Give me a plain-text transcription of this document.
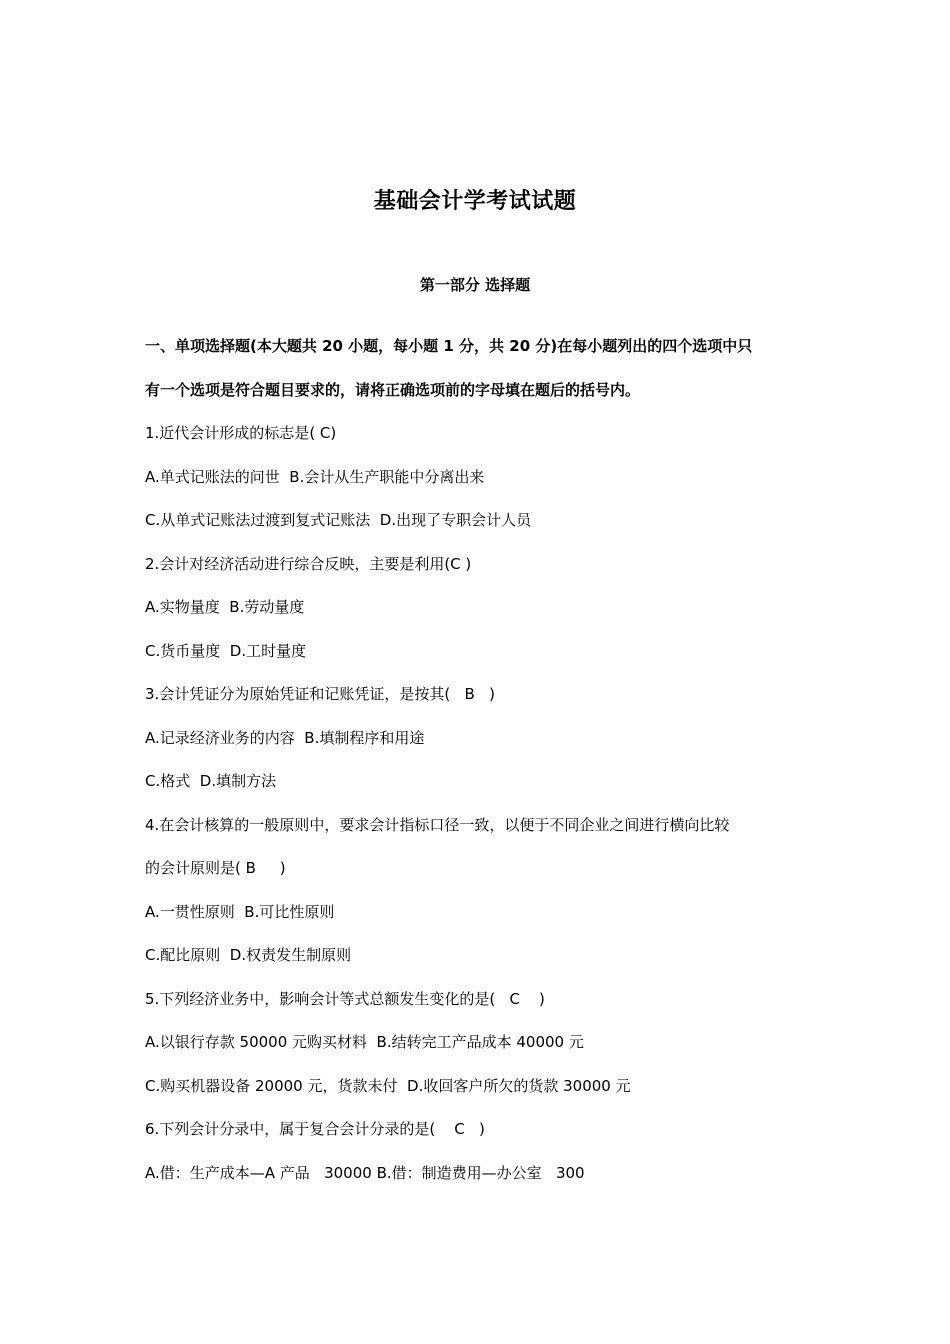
基础会计学考试试题
第一部分 选择题
一、单项选择题(本大题共 20 小题，每小题 1 分，共 20 分)在每小题列出的四个选项中只
有一个选项是符合题目要求的，请将正确选项前的字母填在题后的括号内。
1.近代会计形成的标志是( C)
A.单式记账法的问世  B.会计从生产职能中分离出来
C.从单式记账法过渡到复式记账法  D.出现了专职会计人员
2.会计对经济活动进行综合反映，主要是利用(C )
A.实物量度  B.劳动量度
C.货币量度  D.工时量度
3.会计凭证分为原始凭证和记账凭证，是按其(   B   )
A.记录经济业务的内容  B.填制程序和用途
C.格式  D.填制方法
4.在会计核算的一般原则中，要求会计指标口径一致，以便于不同企业之间进行横向比较
的会计原则是( B     )
A.一贯性原则  B.可比性原则
C.配比原则  D.权责发生制原则
5.下列经济业务中，影响会计等式总额发生变化的是(   C    )
A.以银行存款 50000 元购买材料  B.结转完工产品成本 40000 元
C.购买机器设备 20000 元，货款未付  D.收回客户所欠的货款 30000 元
6.下列会计分录中，属于复合会计分录的是(    C   )
A.借：生产成本—A 产品   30000 B.借：制造费用—办公室   300
